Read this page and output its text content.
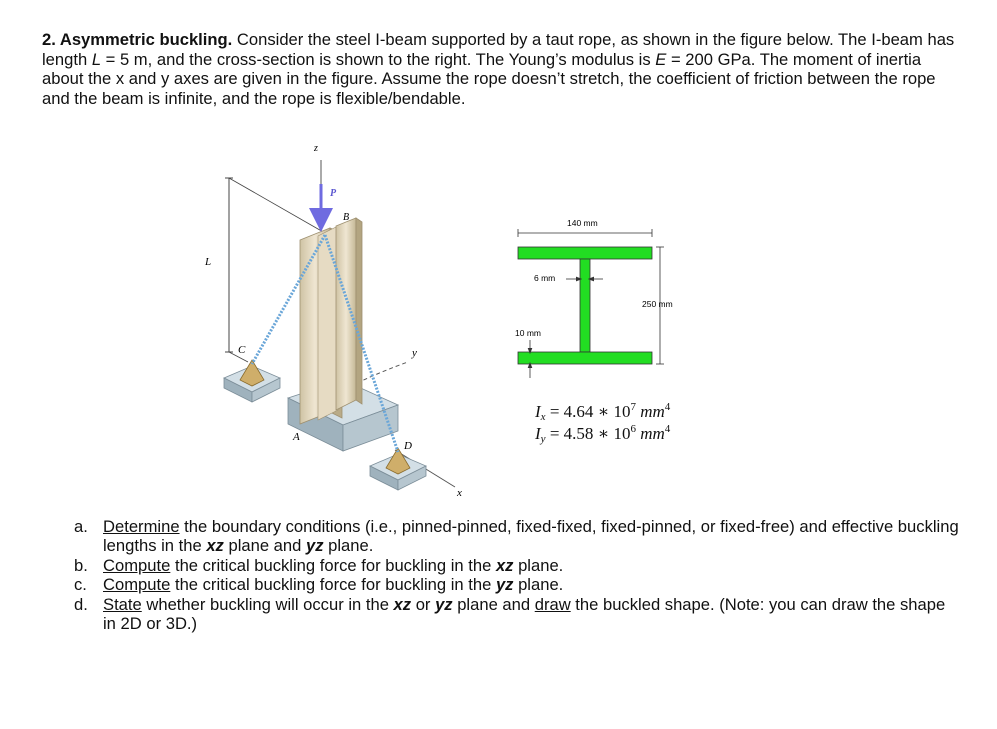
2. Asymmetric buckling. Consider the steel I-beam supported by a taut rope, as shown in the figure below. The I-beam has length L = 5 m, and the cross-section is shown to the right. The Young’s modulus is E = 200 GPa. The moment of inertia about the x and y axes are given in the figure. Assume the rope doesn’t stretch, the coefficient of friction between the rope and the beam is infinite, and the rope is flexible/bendable.
z
y
x
L
A
C
D
B
P
140 mm
250 mm
6 mm
10 mm
$I_x = 4.64$ ∗ $10^7$ $mm^4$
$I_y = 4.58$ ∗ $10^6$ $mm^4$
a. Determine the boundary conditions (i.e., pinned-pinned, fixed-fixed, fixed-pinned, or fixed-free) and effective buckling lengths in the xz plane and yz plane.
b. Compute the critical buckling force for buckling in the xz plane.
c. Compute the critical buckling force for buckling in the yz plane.
d. State whether buckling will occur in the xz or yz plane and draw the buckled shape. (Note: you can draw the shape in 2D or 3D.)
